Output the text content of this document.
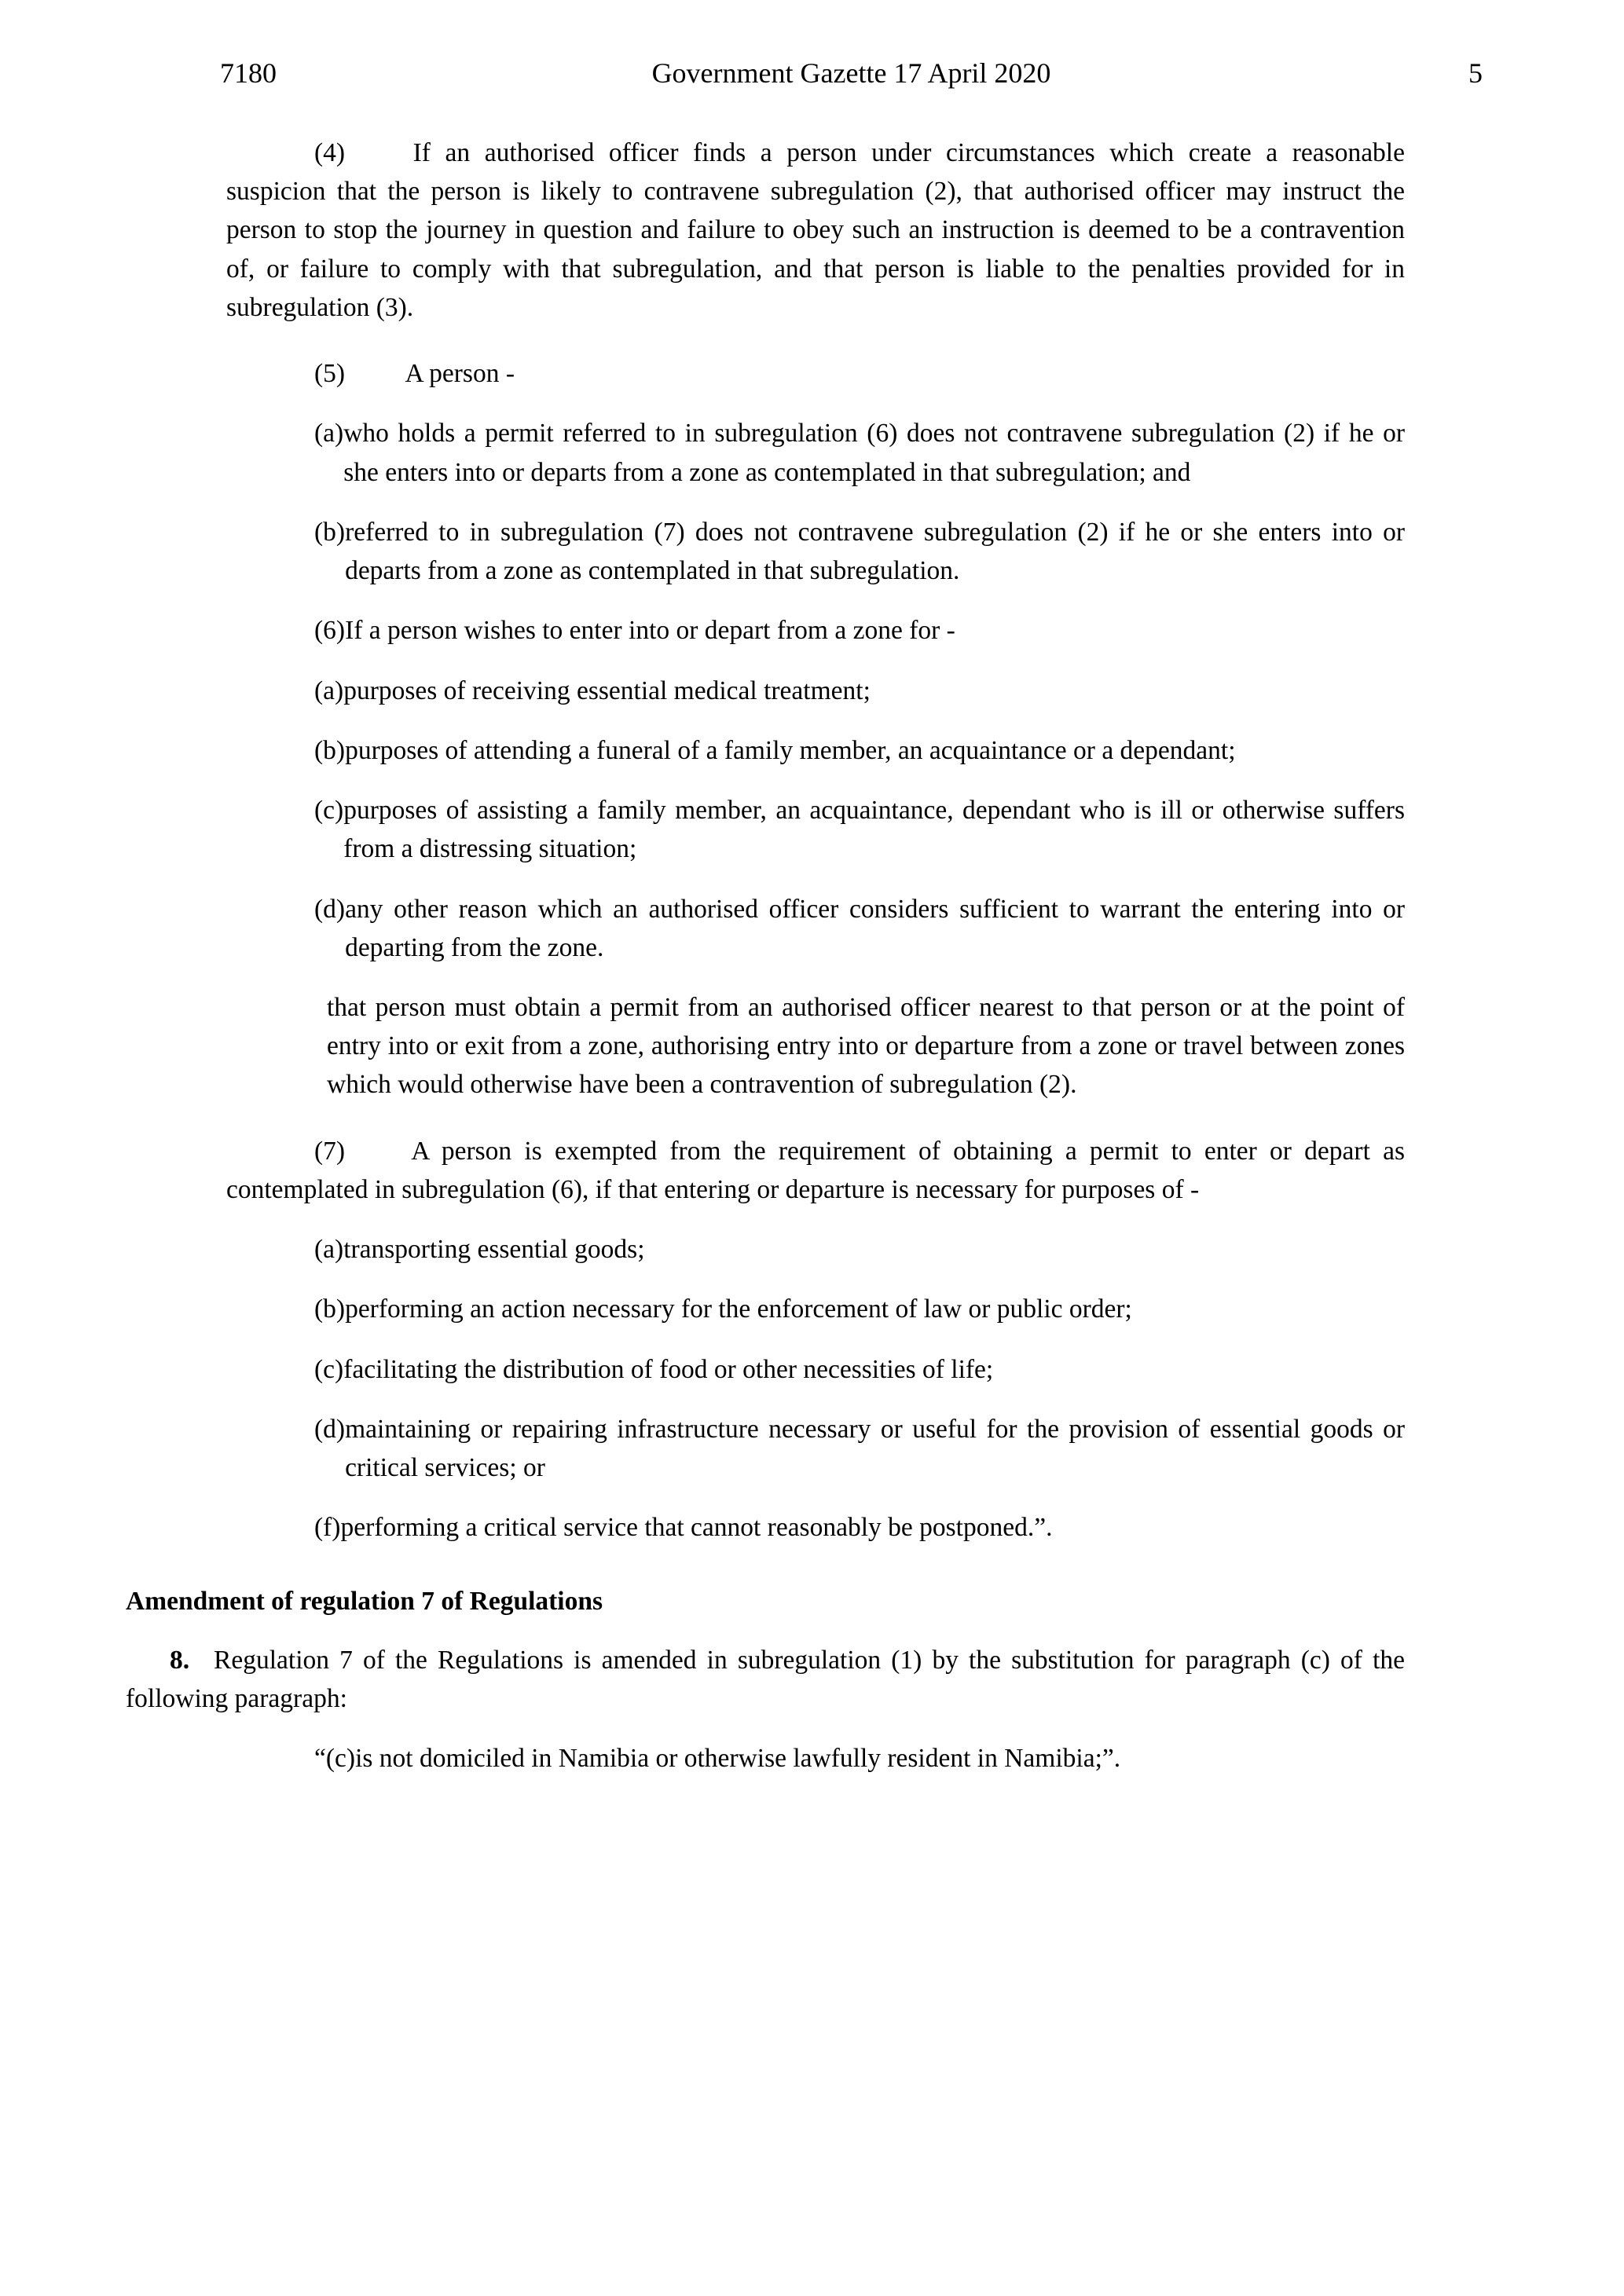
7180	Government Gazette 17 April 2020	5
(4)	If an authorised officer finds a person under circumstances which create a reasonable suspicion that the person is likely to contravene subregulation (2), that authorised officer may instruct the person to stop the journey in question and failure to obey such an instruction is deemed to be a contravention of, or failure to comply with that subregulation, and that person is liable to the penalties provided for in subregulation (3).
(5) A person -
(a) who holds a permit referred to in subregulation (6) does not contravene subregulation (2) if he or she enters into or departs from a zone as contemplated in that subregulation; and
(b) referred to in subregulation (7) does not contravene subregulation (2) if he or she enters into or departs from a zone as contemplated in that subregulation.
(6) If a person wishes to enter into or depart from a zone for -
(a) purposes of receiving essential medical treatment;
(b) purposes of attending a funeral of a family member, an acquaintance or a dependant;
(c) purposes of assisting a family member, an acquaintance, dependant who is ill or otherwise suffers from a distressing situation;
(d) any other reason which an authorised officer considers sufficient to warrant the entering into or departing from the zone.
that person must obtain a permit from an authorised officer nearest to that person or at the point of entry into or exit from a zone, authorising entry into or departure from a zone or travel between zones which would otherwise have been a contravention of subregulation (2).
(7)	A person is exempted from the requirement of obtaining a permit to enter or depart as contemplated in subregulation (6), if that entering or departure is necessary for purposes of -
(a) transporting essential goods;
(b) performing an action necessary for the enforcement of law or public order;
(c) facilitating the distribution of food or other necessities of life;
(d) maintaining or repairing infrastructure necessary or useful for the provision of essential goods or critical services; or
(f) performing a critical service that cannot reasonably be postponed.”.
Amendment of regulation 7 of Regulations
8. Regulation 7 of the Regulations is amended in subregulation (1) by the substitution for paragraph (c) of the following paragraph:
“(c) is not domiciled in Namibia or otherwise lawfully resident in Namibia;”.
